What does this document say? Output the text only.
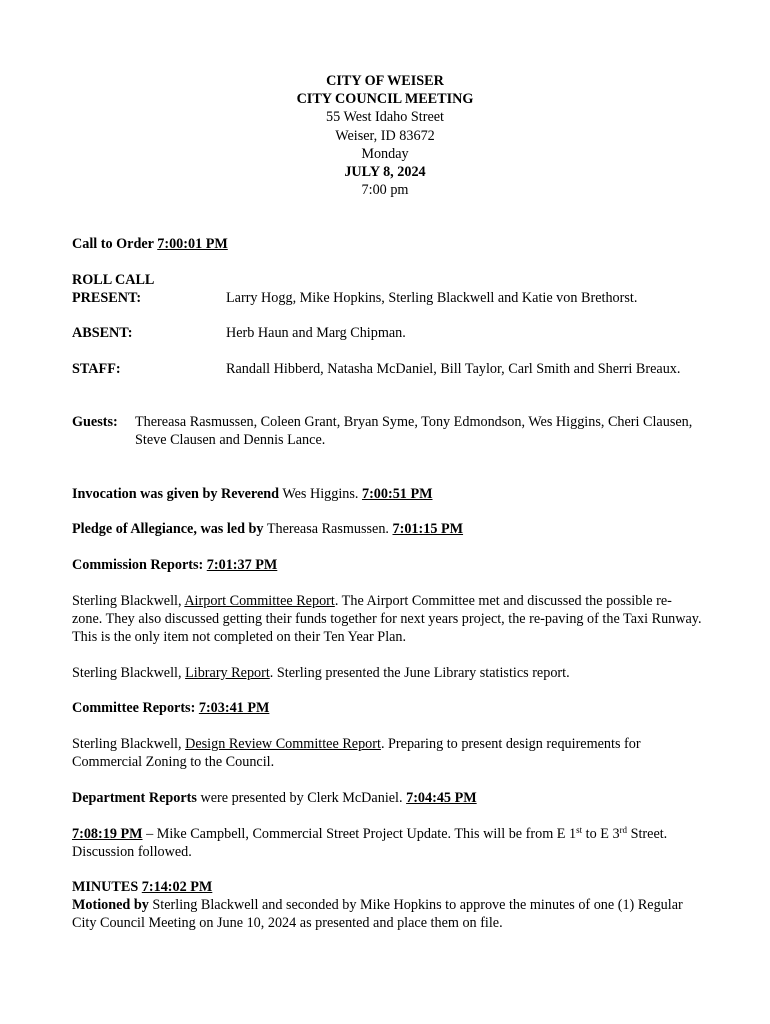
CITY OF WEISER
CITY COUNCIL MEETING
55 West Idaho Street
Weiser, ID 83672
Monday
JULY 8, 2024
7:00 pm
Call to Order 7:00:01 PM
ROLL CALL
PRESENT:	Larry Hogg, Mike Hopkins, Sterling Blackwell and Katie von Brethorst.
ABSENT:	Herb Haun and Marg Chipman.
STAFF:	Randall Hibberd, Natasha McDaniel, Bill Taylor, Carl Smith and Sherri Breaux.
Guests: Thereasa Rasmussen, Coleen Grant, Bryan Syme, Tony Edmondson, Wes Higgins, Cheri Clausen, Steve Clausen and Dennis Lance.
Invocation was given by Reverend Wes Higgins. 7:00:51 PM
Pledge of Allegiance, was led by Thereasa Rasmussen. 7:01:15 PM
Commission Reports: 7:01:37 PM
Sterling Blackwell, Airport Committee Report. The Airport Committee met and discussed the possible re-zone. They also discussed getting their funds together for next years project, the re-paving of the Taxi Runway. This is the only item not completed on their Ten Year Plan.
Sterling Blackwell, Library Report. Sterling presented the June Library statistics report.
Committee Reports: 7:03:41 PM
Sterling Blackwell, Design Review Committee Report. Preparing to present design requirements for Commercial Zoning to the Council.
Department Reports were presented by Clerk McDaniel. 7:04:45 PM
7:08:19 PM – Mike Campbell, Commercial Street Project Update. This will be from E 1st to E 3rd Street. Discussion followed.
MINUTES 7:14:02 PM
Motioned by Sterling Blackwell and seconded by Mike Hopkins to approve the minutes of one (1) Regular City Council Meeting on June 10, 2024 as presented and place them on file.
